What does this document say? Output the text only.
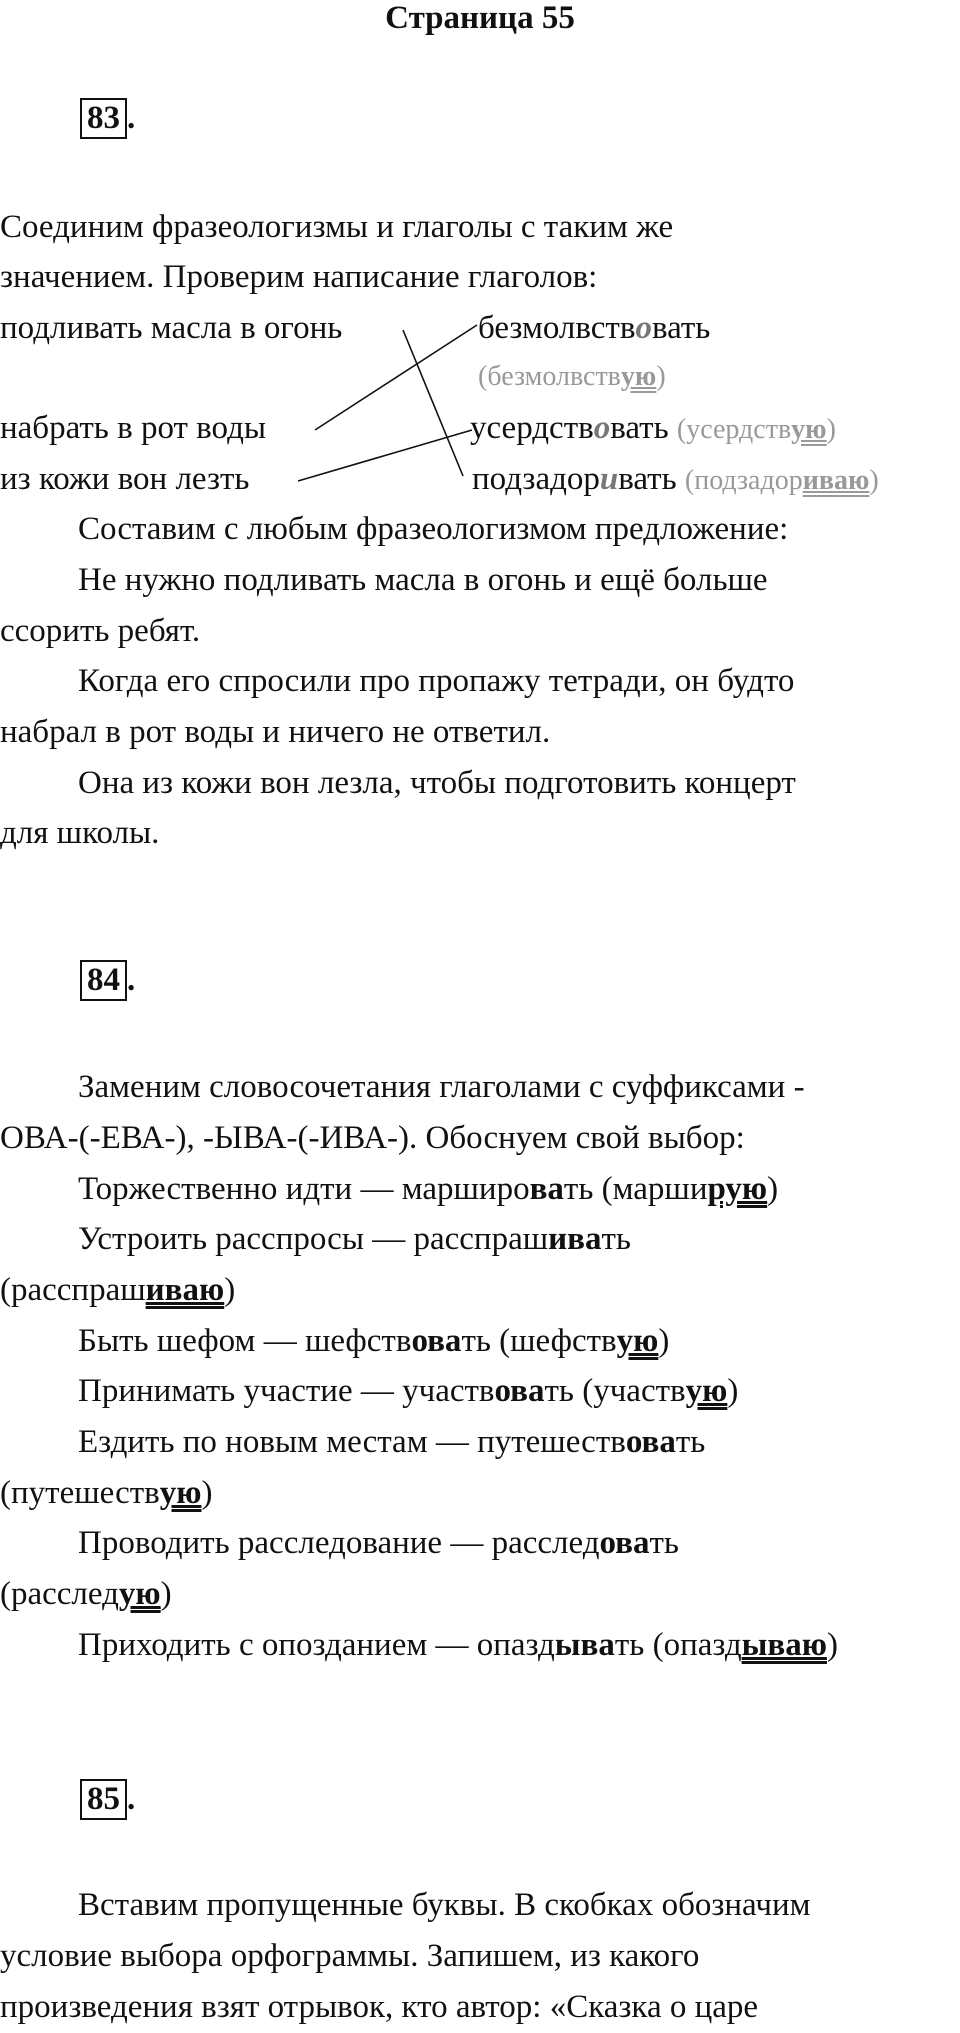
Страница 55
83 .
Соединим фразеологизмы и глаголы с таким же
значением. Проверим написание глаголов:
подливать масла в огонь
набрать в рот воды
из кожи вон лезть
безмолвствовать
(безмолвствую)
усердствовать (усердствую)
подзадоривать (подзадориваю)
Составим с любым фразеологизмом предложение:
Не нужно подливать масла в огонь и ещё больше
ссорить ребят.
Когда его спросили про пропажу тетради, он будто
набрал в рот воды и ничего не ответил.
Она из кожи вон лезла, чтобы подготовить концерт
для школы.
84 .
Заменим словосочетания глаголами с суффиксами -
ОВА-(-ЕВА-), -ЫВА-(-ИВА-). Обоснуем свой выбор:
Торжественно идти — маршировать (марширую)
Устроить расспросы — расспрашивать
(расспрашиваю)
Быть шефом — шефствовать (шефствую)
Принимать участие — участвовать (участвую)
Ездить по новым местам — путешествовать
(путешествую)
Проводить расследование — расследовать
(расследую)
Приходить с опозданием — опаздывать (опаздываю)
85 .
Вставим пропущенные буквы. В скобках обозначим
условие выбора орфограммы. Запишем, из какого
произведения взят отрывок, кто автор: «Сказка о царе
